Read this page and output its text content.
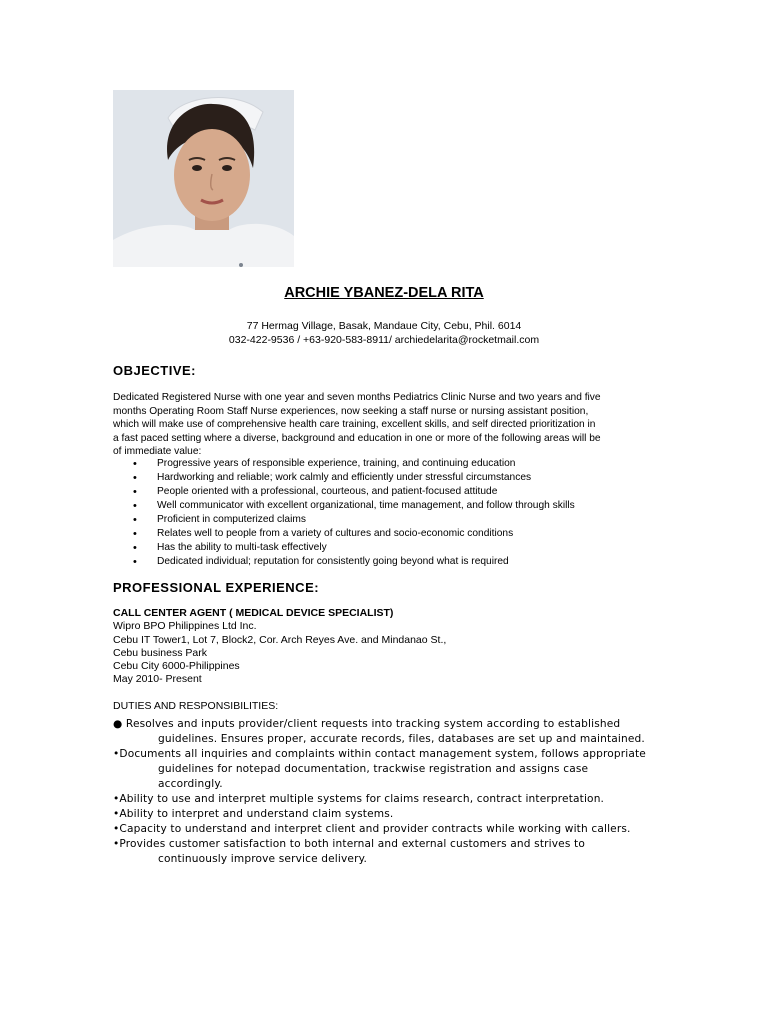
ARCHIE YBANEZ-DELA RITA
77 Hermag Village, Basak, Mandaue City, Cebu, Phil. 6014
032-422-9536 / +63-920-583-8911/ archiedelarita@rocketmail.com
OBJECTIVE:
Dedicated Registered Nurse with one year and seven months Pediatrics Clinic Nurse and two years and five
months Operating Room Staff Nurse experiences, now seeking a staff nurse or nursing assistant position,
which will make use of comprehensive health care training, excellent skills, and self directed prioritization in
a fast paced setting where a diverse, background and education in one or more of the following areas will be
of immediate value:
• Progressive years of responsible experience, training, and continuing education
• Hardworking and reliable; work calmly and efficiently under stressful circumstances
• People oriented with a professional, courteous, and patient-focused attitude
• Well communicator with excellent organizational, time management, and follow through skills
• Proficient in computerized claims
• Relates well to people from a variety of cultures and socio-economic conditions
• Has the ability to multi-task effectively
• Dedicated individual; reputation for consistently going beyond what is required
PROFESSIONAL EXPERIENCE:
CALL CENTER AGENT ( MEDICAL DEVICE SPECIALIST)
Wipro BPO Philippines Ltd Inc.
Cebu IT Tower1, Lot 7, Block2, Cor. Arch Reyes Ave. and Mindanao St.,
Cebu business Park
Cebu City 6000-Philippines
May 2010- Present
DUTIES AND RESPONSIBILITIES:
● Resolves and inputs provider/client requests into tracking system according to established
guidelines. Ensures proper, accurate records, files, databases are set up and maintained.
•Documents all inquiries and complaints within contact management system, follows appropriate
guidelines for notepad documentation, trackwise registration and assigns case
accordingly.
•Ability to use and interpret multiple systems for claims research, contract interpretation.
•Ability to interpret and understand claim systems.
•Capacity to understand and interpret client and provider contracts while working with callers.
•Provides customer satisfaction to both internal and external customers and strives to
continuously improve service delivery.
